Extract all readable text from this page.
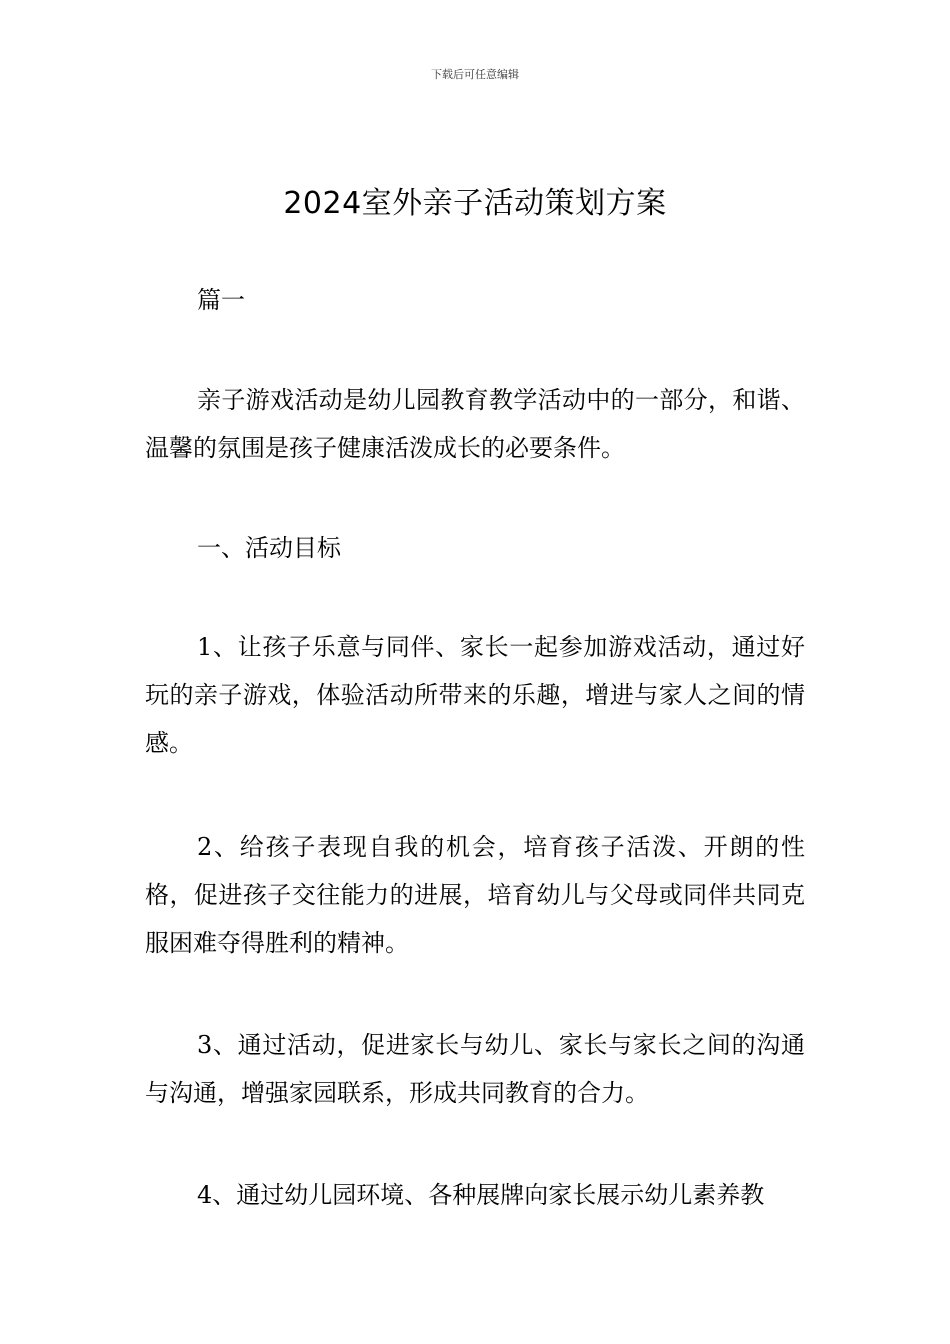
下载后可任意编辑
2024室外亲子活动策划方案

篇一

亲子游戏活动是幼儿园教育教学活动中的一部分，和谐、温馨的氛围是孩子健康活泼成长的必要条件。

一、活动目标

1、让孩子乐意与同伴、家长一起参加游戏活动，通过好玩的亲子游戏，体验活动所带来的乐趣，增进与家人之间的情感。

2、给孩子表现自我的机会，培育孩子活泼、开朗的性格，促进孩子交往能力的进展，培育幼儿与父母或同伴共同克服困难夺得胜利的精神。

3、通过活动，促进家长与幼儿、家长与家长之间的沟通与沟通，增强家园联系，形成共同教育的合力。

4、通过幼儿园环境、各种展牌向家长展示幼儿素养教
